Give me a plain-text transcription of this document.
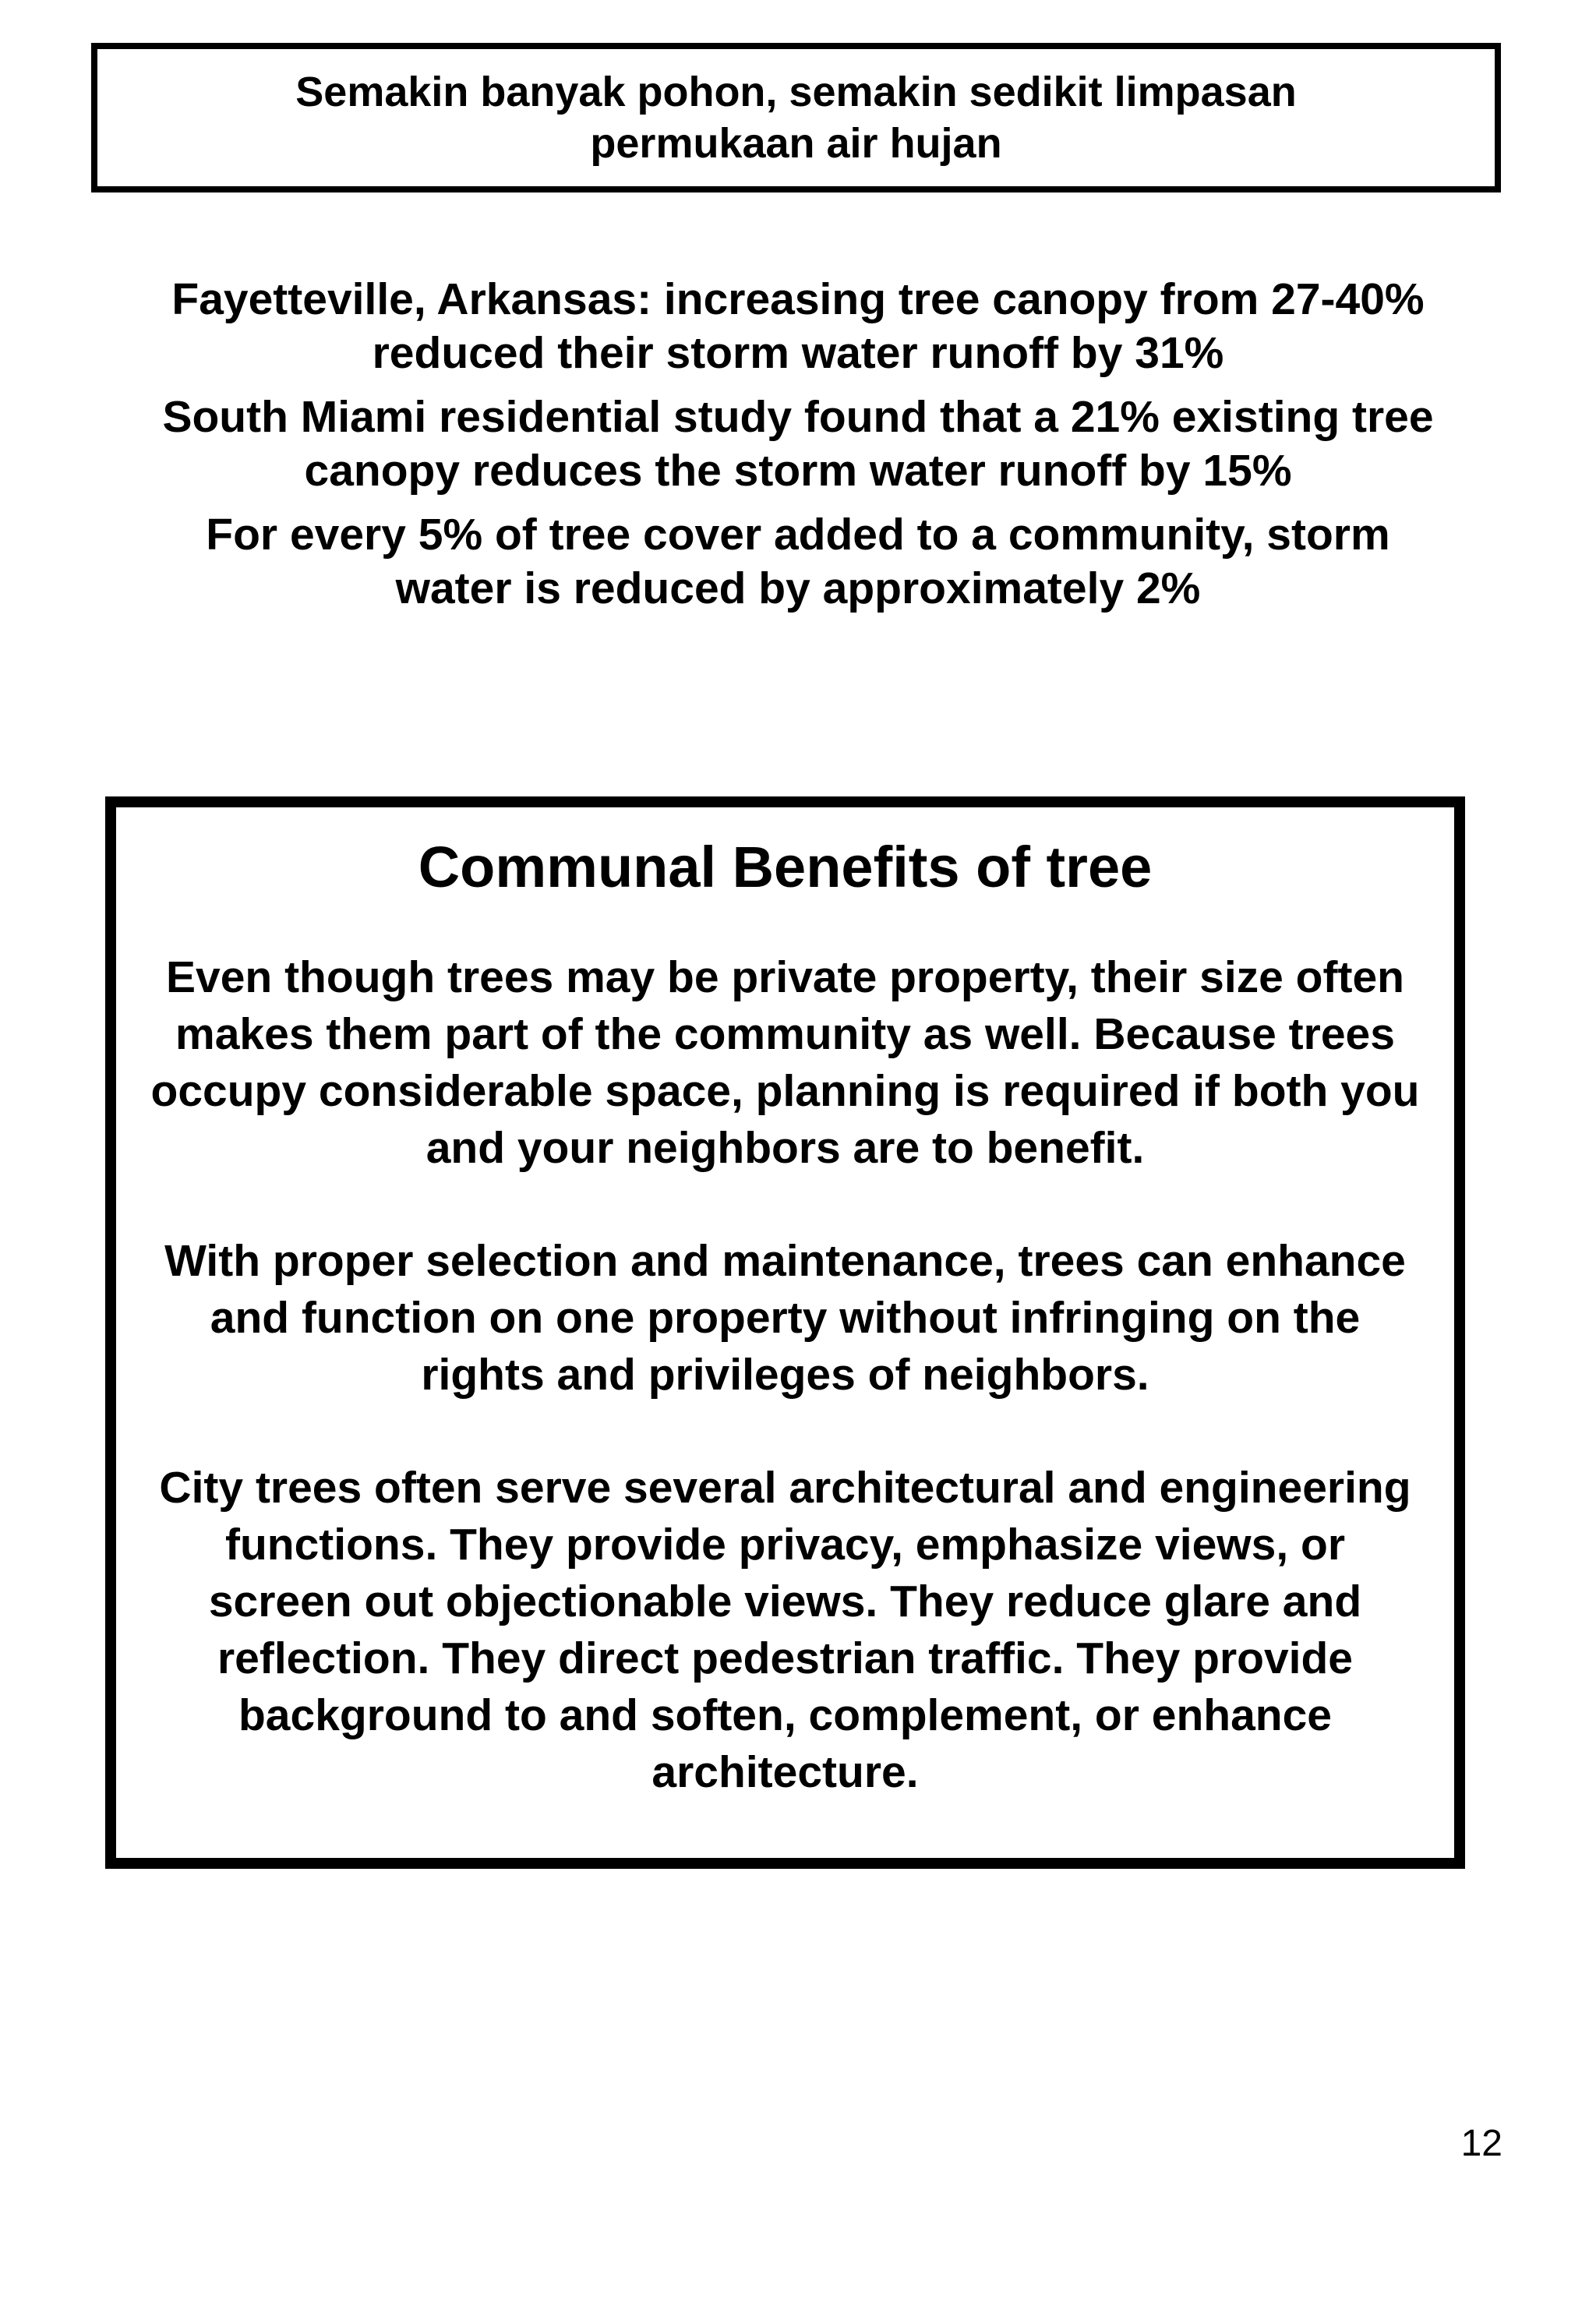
Semakin banyak pohon, semakin sedikit limpasan permukaan air hujan

Fayetteville, Arkansas: increasing tree canopy from 27-40% reduced their storm water runoff by 31%

South Miami residential study found that a 21% existing tree canopy reduces the storm water runoff by 15%

For every 5% of tree cover added to a community, storm water is reduced by approximately 2%

Communal Benefits of tree

Even though trees may be private property, their size often makes them part of the community as well. Because trees occupy considerable space, planning is required if both you and your neighbors are to benefit.

With proper selection and maintenance, trees can enhance and function on one property without infringing on the rights and privileges of neighbors.

City trees often serve several architectural and engineering functions. They provide privacy, emphasize views, or screen out objectionable views. They reduce glare and reflection. They direct pedestrian traffic. They provide background to and soften, complement, or enhance architecture.

12
